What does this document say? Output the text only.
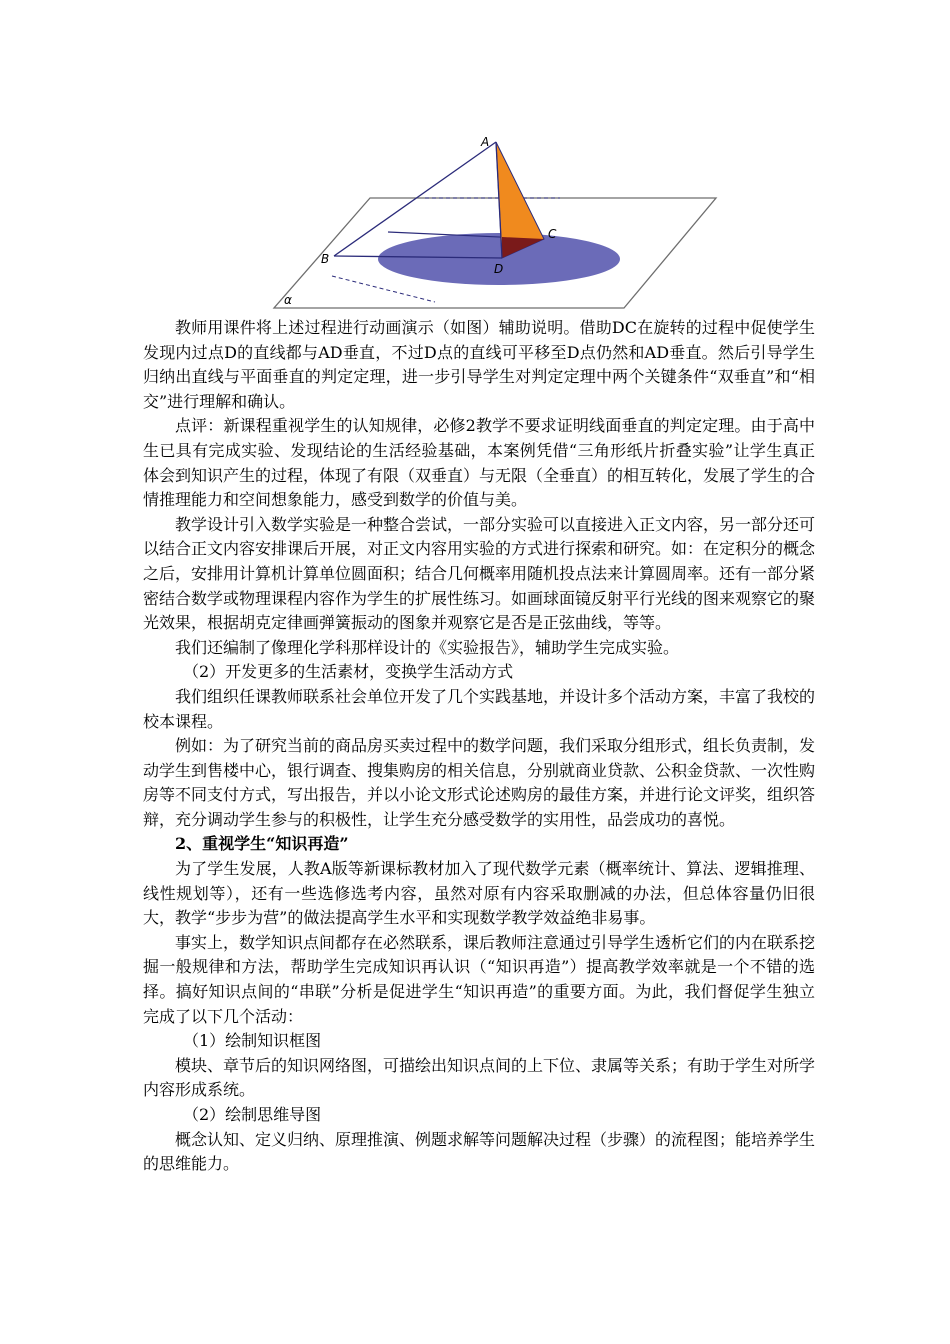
A
B
C
D
α

教师用课件将上述过程进行动画演示（如图）辅助说明。借助DC在旋转的过程中促使学生发现内过点D的直线都与AD垂直，不过D点的直线可平移至D点仍然和AD垂直。然后引导学生归纳出直线与平面垂直的判定定理，进一步引导学生对判定定理中两个关键条件“双垂直”和“相交”进行理解和确认。

点评：新课程重视学生的认知规律，必修2教学不要求证明线面垂直的判定定理。由于高中生已具有完成实验、发现结论的生活经验基础，本案例凭借“三角形纸片折叠实验”让学生真正体会到知识产生的过程，体现了有限（双垂直）与无限（全垂直）的相互转化，发展了学生的合情推理能力和空间想象能力，感受到数学的价值与美。

教学设计引入数学实验是一种整合尝试，一部分实验可以直接进入正文内容，另一部分还可以结合正文内容安排课后开展，对正文内容用实验的方式进行探索和研究。如：在定积分的概念之后，安排用计算机计算单位圆面积；结合几何概率用随机投点法来计算圆周率。还有一部分紧密结合数学或物理课程内容作为学生的扩展性练习。如画球面镜反射平行光线的图来观察它的聚光效果，根据胡克定律画弹簧振动的图象并观察它是否是正弦曲线，等等。

我们还编制了像理化学科那样设计的《实验报告》，辅助学生完成实验。

（2）开发更多的生活素材，变换学生活动方式

我们组织任课教师联系社会单位开发了几个实践基地，并设计多个活动方案，丰富了我校的校本课程。

例如：为了研究当前的商品房买卖过程中的数学问题，我们采取分组形式，组长负责制，发动学生到售楼中心，银行调查、搜集购房的相关信息，分别就商业贷款、公积金贷款、一次性购房等不同支付方式，写出报告，并以小论文形式论述购房的最佳方案，并进行论文评奖，组织答辩，充分调动学生参与的积极性，让学生充分感受数学的实用性，品尝成功的喜悦。

2、重视学生“知识再造”

为了学生发展，人教A版等新课标教材加入了现代数学元素（概率统计、算法、逻辑推理、线性规划等），还有一些选修选考内容，虽然对原有内容采取删减的办法，但总体容量仍旧很大，教学“步步为营”的做法提高学生水平和实现数学教学效益绝非易事。

事实上，数学知识点间都存在必然联系，课后教师注意通过引导学生透析它们的内在联系挖掘一般规律和方法，帮助学生完成知识再认识（“知识再造”）提高教学效率就是一个不错的选择。搞好知识点间的“串联”分析是促进学生“知识再造”的重要方面。为此，我们督促学生独立完成了以下几个活动：

（1）绘制知识框图

模块、章节后的知识网络图，可描绘出知识点间的上下位、隶属等关系；有助于学生对所学内容形成系统。

（2）绘制思维导图

概念认知、定义归纳、原理推演、例题求解等问题解决过程（步骤）的流程图；能培养学生的思维能力。
